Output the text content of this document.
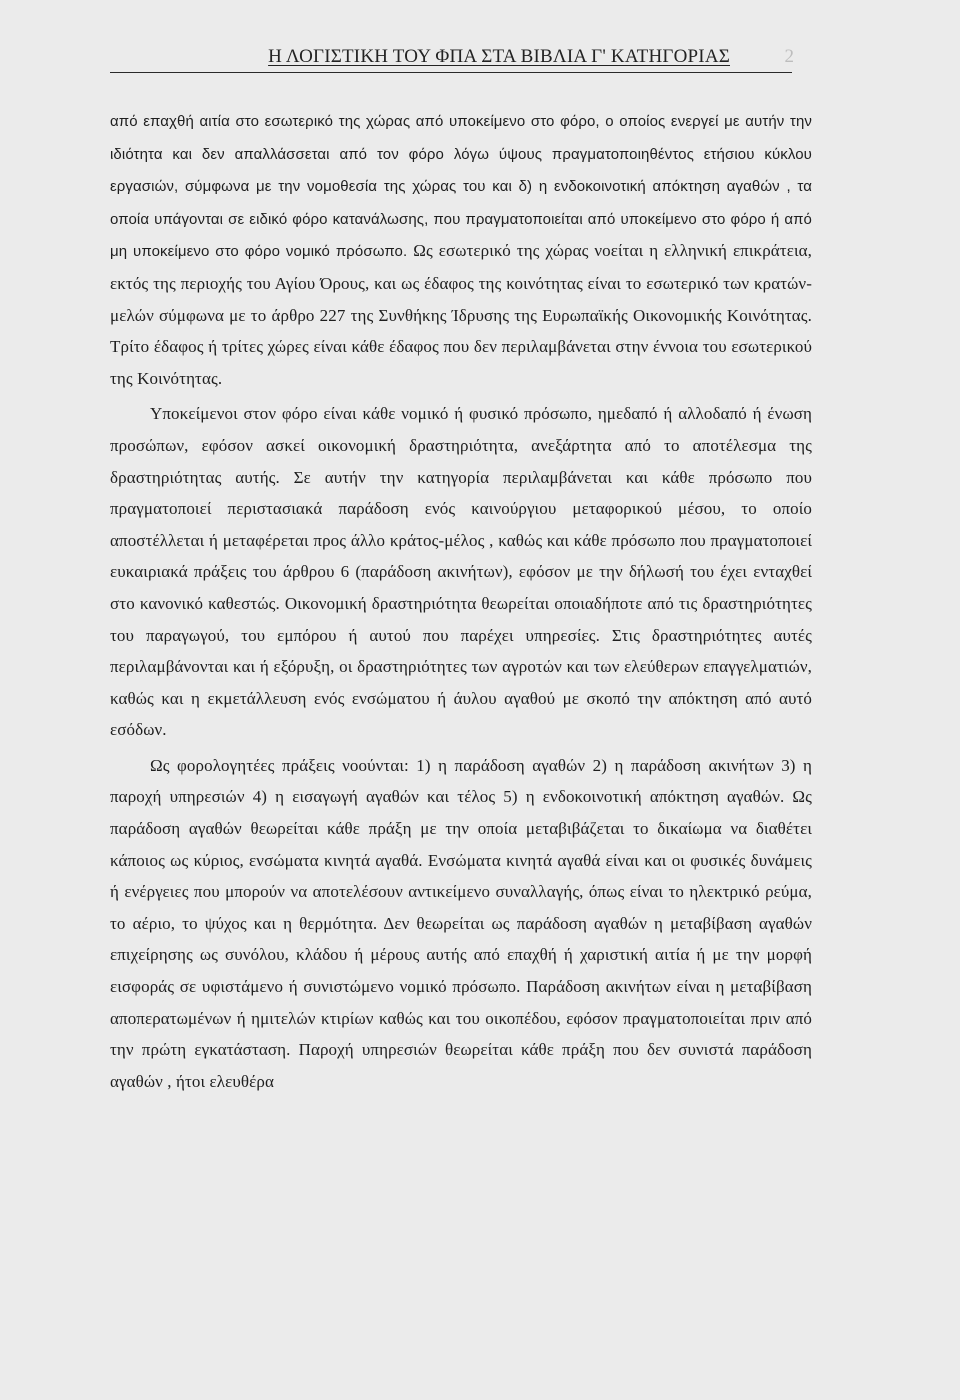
Η ΛΟΓΙΣΤΙΚΗ ΤΟΥ ΦΠΑ ΣΤΑ ΒΙΒΛΙΑ Γ' ΚΑΤΗΓΟΡΙΑΣ	2

από επαχθή αιτία στο εσωτερικό της χώρας από υποκείμενο στο φόρο, ο οποίος ενεργεί με αυτήν την ιδιότητα και δεν απαλλάσσεται από τον φόρο λόγω ύψους πραγματοποιηθέντος ετήσιου κύκλου εργασιών, σύμφωνα με την νομοθεσία της χώρας του και δ) η ενδοκοινοτική απόκτηση αγαθών , τα οποία υπάγονται σε ειδικό φόρο κατανάλωσης, που πραγματοποιείται από υποκείμενο στο φόρο ή από μη υποκείμενο στο φόρο νομικό πρόσωπο. Ως εσωτερικό της χώρας νοείται η ελληνική επικράτεια, εκτός της περιοχής του Αγίου Όρους, και ως έδαφος της κοινότητας είναι το εσωτερικό των κρατών-μελών σύμφωνα με το άρθρο 227 της Συνθήκης Ίδρυσης της Ευρωπαϊκής Οικονομικής Κοινότητας. Τρίτο έδαφος ή τρίτες χώρες είναι κάθε έδαφος που δεν περιλαμβάνεται στην έννοια του εσωτερικού της Κοινότητας.

Υποκείμενοι στον φόρο είναι κάθε νομικό ή φυσικό πρόσωπο, ημεδαπό ή αλλοδαπό ή ένωση προσώπων, εφόσον ασκεί οικονομική δραστηριότητα, ανεξάρτητα από το αποτέλεσμα της δραστηριότητας αυτής. Σε αυτήν την κατηγορία περιλαμβάνεται και κάθε πρόσωπο που πραγματοποιεί περιστασιακά παράδοση ενός καινούργιου μεταφορικού μέσου, το οποίο αποστέλλεται ή μεταφέρεται προς άλλο κράτος-μέλος , καθώς και κάθε πρόσωπο που πραγματοποιεί ευκαιριακά πράξεις του άρθρου 6 (παράδοση ακινήτων), εφόσον με την δήλωσή του έχει ενταχθεί στο κανονικό καθεστώς. Οικονομική δραστηριότητα θεωρείται οποιαδήποτε από τις δραστηριότητες του παραγωγού, του εμπόρου ή αυτού που παρέχει υπηρεσίες. Στις δραστηριότητες αυτές περιλαμβάνονται και ή εξόρυξη, οι δραστηριότητες των αγροτών και των ελεύθερων επαγγελματιών, καθώς και η εκμετάλλευση ενός ενσώματου ή άυλου αγαθού με σκοπό την απόκτηση από αυτό εσόδων.

Ως φορολογητέες πράξεις νοούνται: 1) η παράδοση αγαθών 2) η παράδοση ακινήτων 3) η παροχή υπηρεσιών 4) η εισαγωγή αγαθών και τέλος 5) η ενδοκοινοτική απόκτηση αγαθών. Ως παράδοση αγαθών θεωρείται κάθε πράξη με την οποία μεταβιβάζεται το δικαίωμα να διαθέτει κάποιος ως κύριος, ενσώματα κινητά αγαθά. Ενσώματα κινητά αγαθά είναι και οι φυσικές δυνάμεις ή ενέργειες που μπορούν να αποτελέσουν αντικείμενο συναλλαγής, όπως είναι το ηλεκτρικό ρεύμα, το αέριο, το ψύχος και η θερμότητα. Δεν θεωρείται ως παράδοση αγαθών η μεταβίβαση αγαθών επιχείρησης ως συνόλου, κλάδου ή μέρους αυτής από επαχθή ή χαριστική αιτία ή με την μορφή εισφοράς σε υφιστάμενο ή συνιστώμενο νομικό πρόσωπο. Παράδοση ακινήτων είναι η μεταβίβαση αποπερατωμένων ή ημιτελών κτιρίων καθώς και του οικοπέδου, εφόσον πραγματοποιείται πριν από την πρώτη εγκατάσταση. Παροχή υπηρεσιών θεωρείται κάθε πράξη που δεν συνιστά παράδοση αγαθών , ήτοι ελευθέρα
